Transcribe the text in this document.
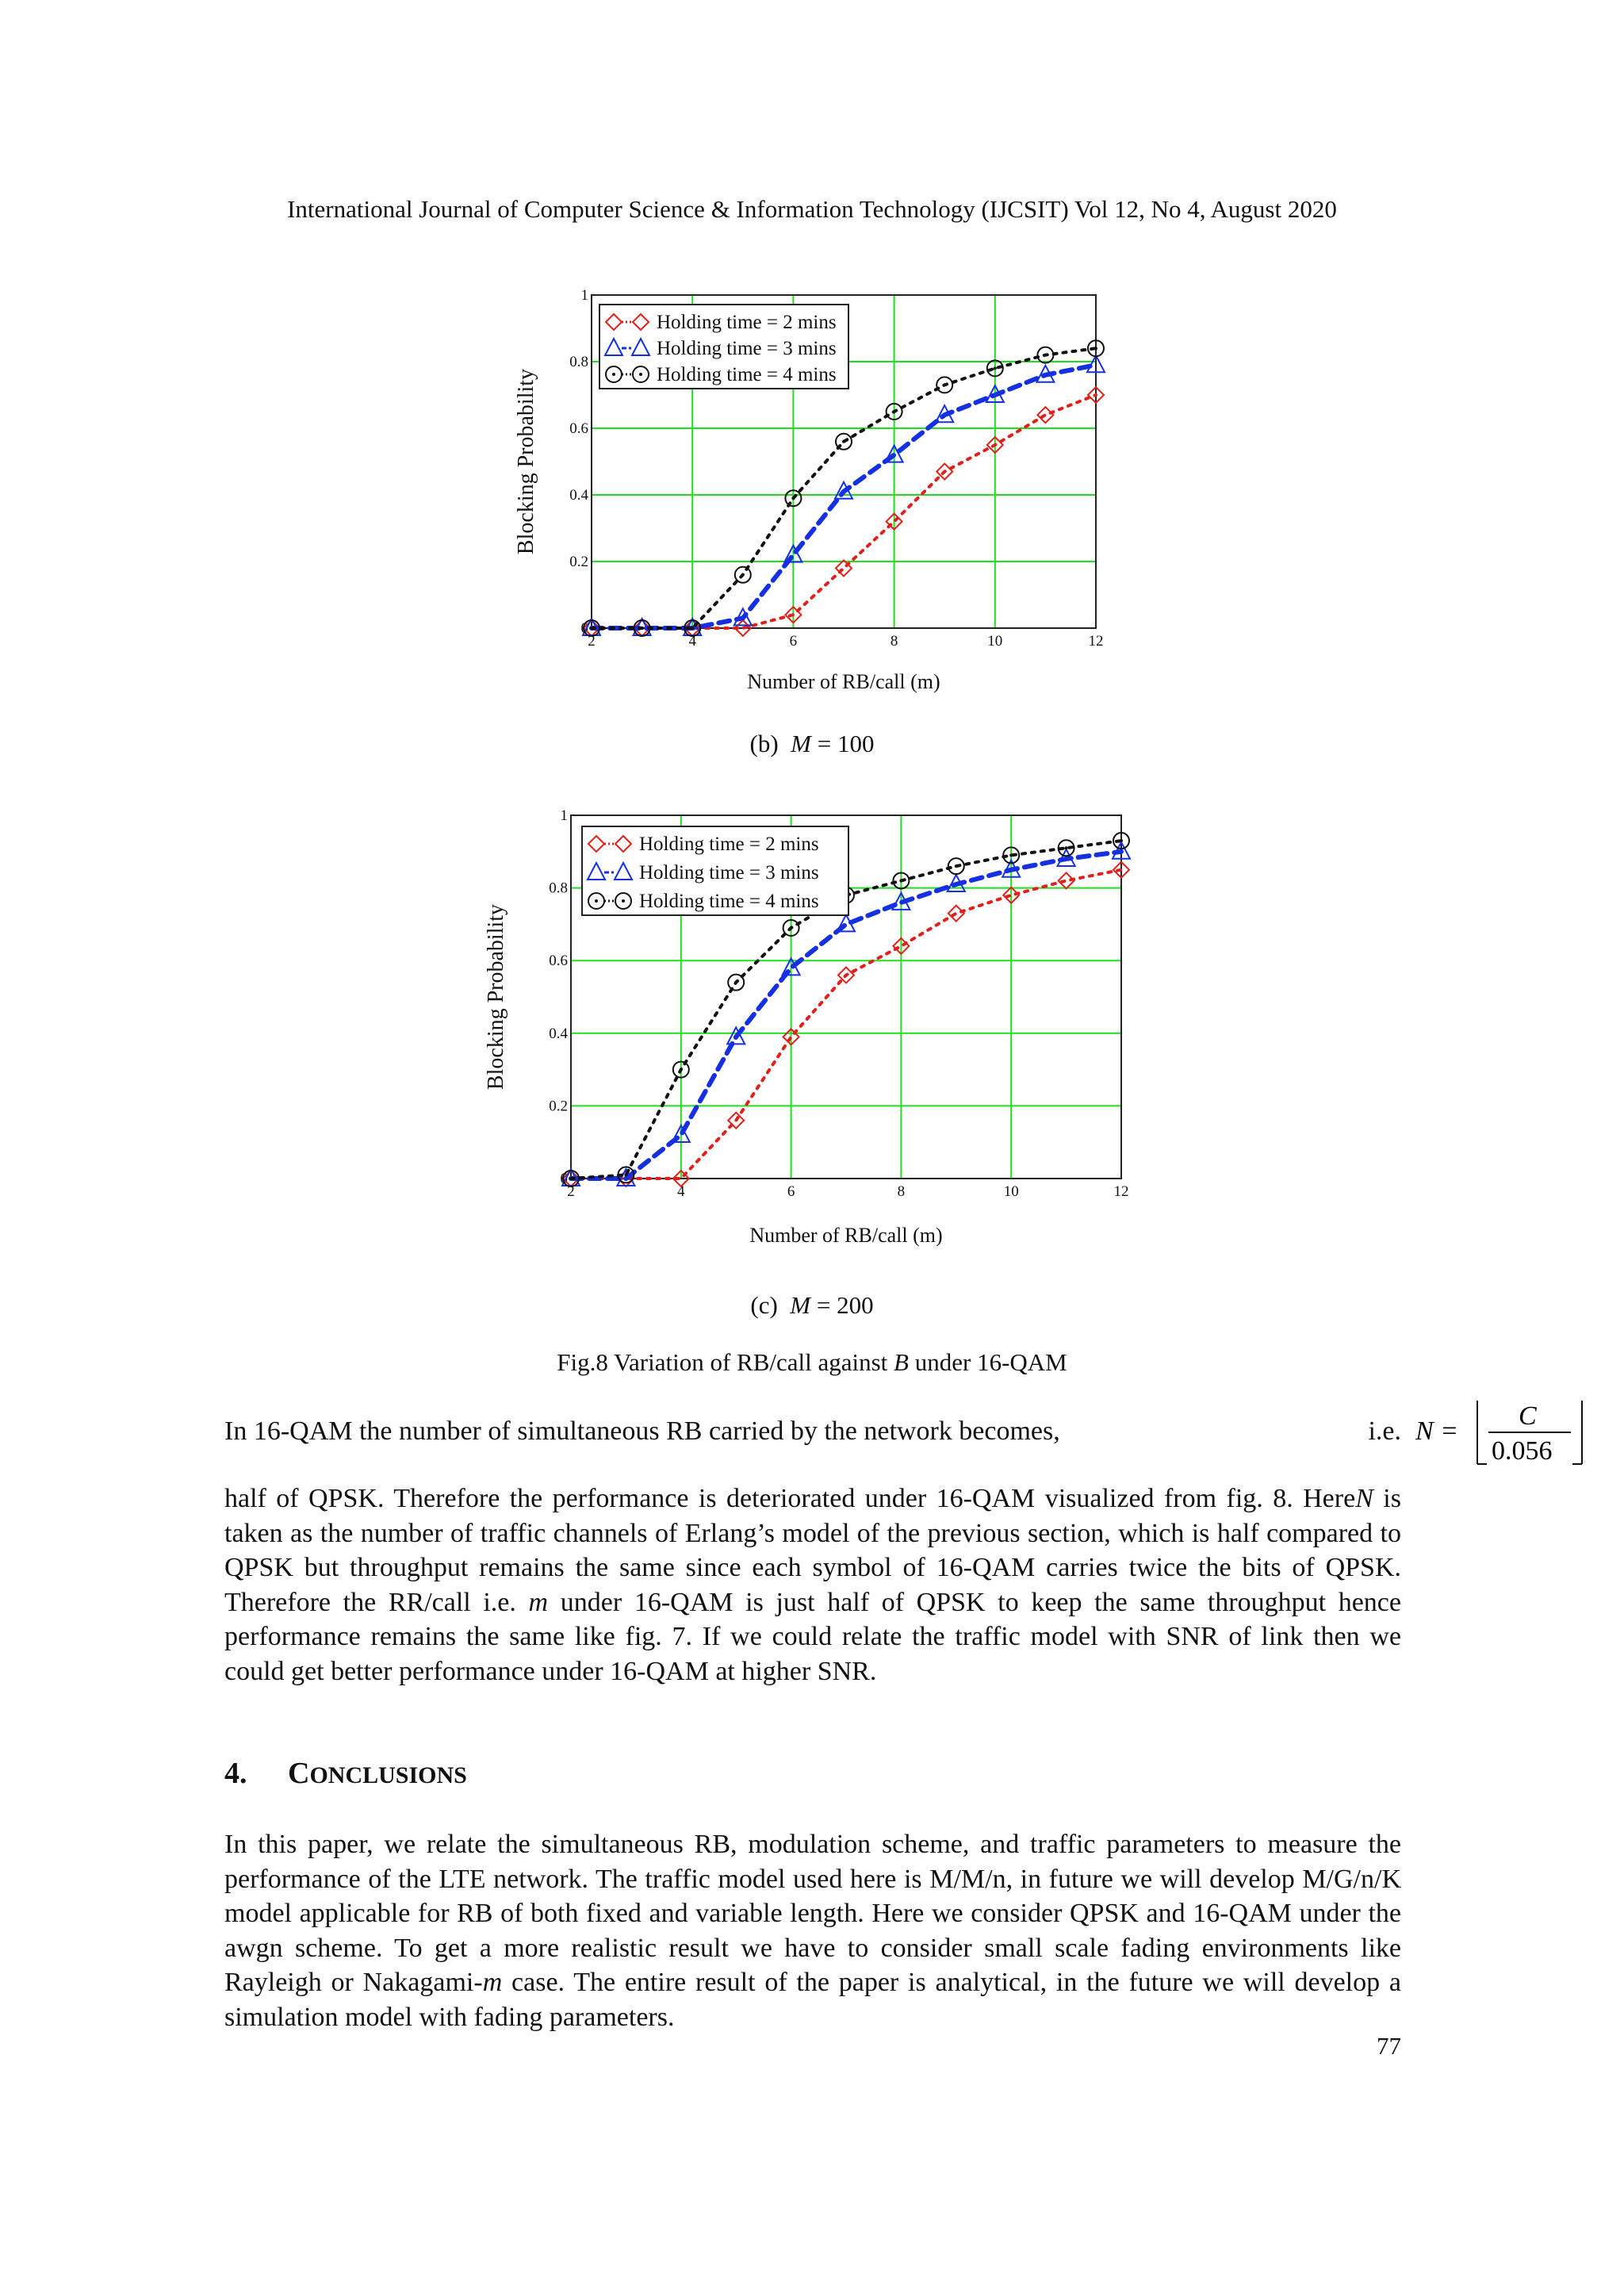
International Journal of Computer Science & Information Technology (IJCSIT) Vol 12, No 4, August 2020
2	4	6	8	10	12
0
0.2
0.4
0.6
0.8
1
Number of RB/call (m)
Blocking Probability
Holding time = 2 mins
Holding time = 3 mins
Holding time = 4 mins
(b) M = 100
2	4	6	8	10	12
0
0.2
0.4
0.6
0.8
1
Number of RB/call (m)
Blocking Probability
Holding time = 2 mins
Holding time = 3 mins
Holding time = 4 mins
(c) M = 200
Fig.8 Variation of RB/call against B under 16-QAM
In 16-QAM the number of simultaneous RB carried by the network becomes,	N =
C
0.056
i.e.

half of QPSK. Therefore the performance is deteriorated under 16-QAM visualized from fig. 8. HereN is taken as the number of traffic channels of Erlang’s model of the previous section, which is half compared to QPSK but throughput remains the same since each symbol of 16-QAM carries twice the bits of QPSK. Therefore the RR/call i.e. m under 16-QAM is just half of QPSK to keep the same throughput hence performance remains the same like fig. 7. If we could relate the traffic model with SNR of link then we could get better performance under 16-QAM at higher SNR.

4. CONCLUSIONS

In this paper, we relate the simultaneous RB, modulation scheme, and traffic parameters to measure the performance of the LTE network. The traffic model used here is M/M/n, in future we will develop M/G/n/K model applicable for RB of both fixed and variable length. Here we consider QPSK and 16-QAM under the awgn scheme. To get a more realistic result we have to consider small scale fading environments like Rayleigh or Nakagami-m case. The entire result of the paper is analytical, in the future we will develop a simulation model with fading parameters.

77
